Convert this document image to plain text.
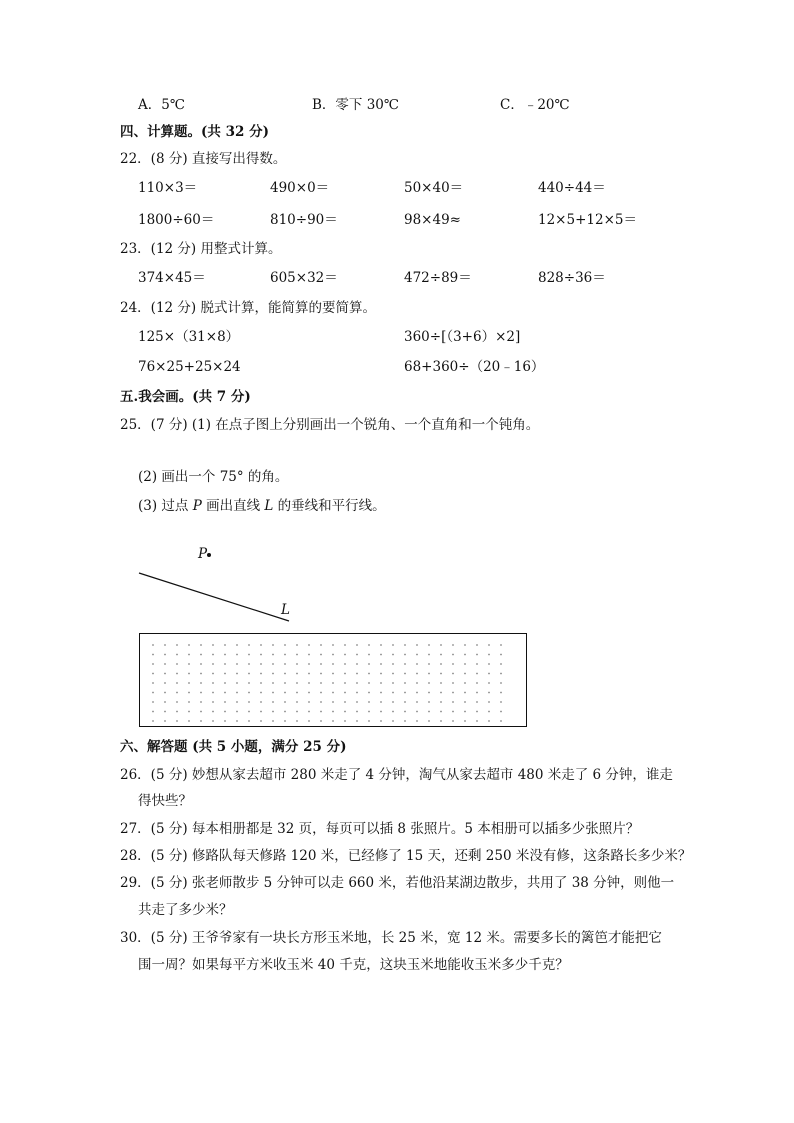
A．5℃	B．零下 30℃	C．﹣20℃
四、计算题。(共 32 分)
22．(8 分) 直接写出得数。
110×3＝	490×0＝	50×40＝	440÷44＝
1800÷60＝	810÷90＝	98×49≈	12×5+12×5＝
23．(12 分) 用整式计算。
374×45＝	605×32＝	472÷89＝	828÷36＝
24．(12 分) 脱式计算，能简算的要简算。
125×（31×8）	360÷[（3+6）×2]
76×25+25×24	68+360÷（20﹣16）
五.我会画。(共 7 分)
25．(7 分) (1) 在点子图上分别画出一个锐角、一个直角和一个钝角。
(2) 画出一个 75° 的角。
(3) 过点 P 画出直线 L 的垂线和平行线。
P
L
六、解答题 (共 5 小题，满分 25 分)
26．(5 分) 妙想从家去超市 280 米走了 4 分钟，淘气从家去超市 480 米走了 6 分钟，谁走
得快些？
27．(5 分) 每本相册都是 32 页，每页可以插 8 张照片。5 本相册可以插多少张照片？
28．(5 分) 修路队每天修路 120 米，已经修了 15 天，还剩 250 米没有修，这条路长多少米？
29．(5 分) 张老师散步 5 分钟可以走 660 米，若他沿某湖边散步，共用了 38 分钟，则他一
共走了多少米？
30．(5 分) 王爷爷家有一块长方形玉米地，长 25 米，宽 12 米。需要多长的篱笆才能把它
围一周？如果每平方米收玉米 40 千克，这块玉米地能收玉米多少千克？
